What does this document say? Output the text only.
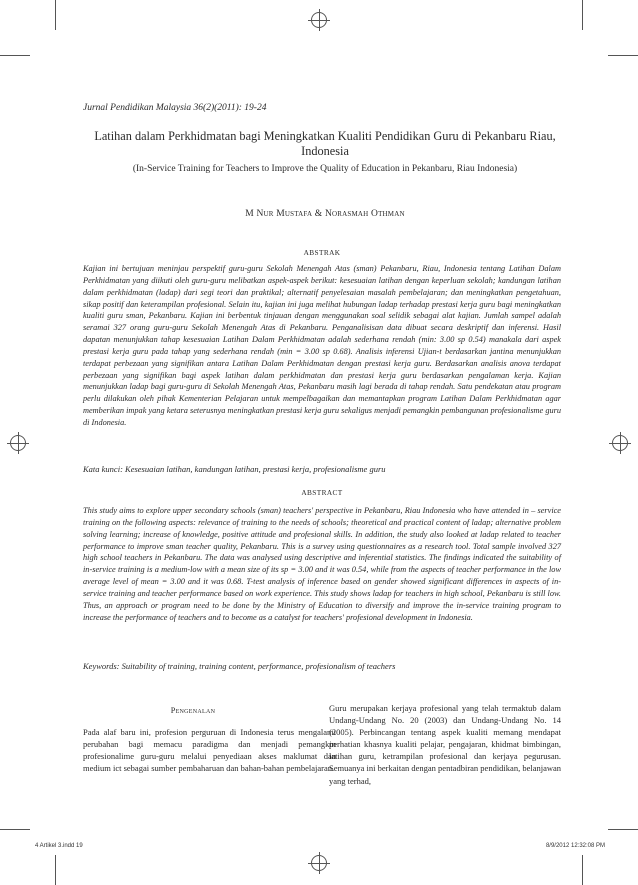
Jurnal Pendidikan Malaysia 36(2)(2011): 19-24
Latihan dalam Perkhidmatan bagi Meningkatkan Kualiti Pendidikan Guru di Pekanbaru Riau, Indonesia
(In-Service Training for Teachers to Improve the Quality of Education in Pekanbaru, Riau Indonesia)
M Nur Mustafa & Norasmah Othman
ABSTRAK

Kajian ini bertujuan meninjau perspektif guru-guru Sekolah Menengah Atas (sman) Pekanbaru, Riau, Indonesia tentang Latihan Dalam Perkhidmatan yang diikuti oleh guru-guru melibatkan aspek-aspek berikut: kesesuaian latihan dengan keperluan sekolah; kandungan latihan dalam perkhidmatan (ladap) dari segi teori dan praktikal; alternatif penyelesaian masalah pembelajaran; dan meningkatkan pengetahuan, sikap positif dan keterampilan profesional. Selain itu, kajian ini juga melihat hubungan ladap terhadap prestasi kerja guru bagi meningkatkan kualiti guru sman, Pekanbaru. Kajian ini berbentuk tinjauan dengan menggunakan soal selidik sebagai alat kajian. Jumlah sampel adalah seramai 327 orang guru-guru Sekolah Menengah Atas di Pekanbaru. Penganalisisan data dibuat secara deskriptif dan inferensi. Hasil dapatan menunjukkan tahap kesesuaian Latihan Dalam Perkhidmatan adalah sederhana rendah (min: 3.00 sp 0.54) manakala dari aspek prestasi kerja guru pada tahap yang sederhana rendah (min = 3.00 sp 0.68). Analisis inferensi Ujian-t berdasarkan jantina menunjukkan terdapat perbezaan yang signifikan antara Latihan Dalam Perkhidmatan dengan prestasi kerja guru. Berdasarkan analisis anova terdapat perbezaan yang signifikan bagi aspek latihan dalam perkhidmatan dan prestasi kerja guru berdasarkan pengalaman kerja. Kajian menunjukkan ladap bagi guru-guru di Sekolah Menengah Atas, Pekanbaru masih lagi berada di tahap rendah. Satu pendekatan atau program perlu dilakukan oleh pihak Kementerian Pelajaran untuk mempelbagaikan dan memantapkan program Latihan Dalam Perkhidmatan agar memberikan impak yang ketara seterusnya meningkatkan prestasi kerja guru sekaligus menjadi pemangkin pembangunan profesionalisme guru di Indonesia.

Kata kunci: Kesesuaian latihan, kandungan latihan, prestasi kerja, profesionalisme guru

ABSTRACT

This study aims to explore upper secondary schools (sman) teachers' perspective in Pekanbaru, Riau Indonesia who have attended in – service training on the following aspects: relevance of training to the needs of schools; theoretical and practical content of ladap; alternative problem solving learning; increase of knowledge, positive attitude and profesional skills. In addition, the study also looked at ladap related to teacher performance to improve sman teacher quality, Pekanbaru. This is a survey using questionnaires as a research tool. Total sample involved 327 high school teachers in Pekanbaru. The data was analysed using descriptive and inferential statistics. The findings indicated the suitability of in-service training is a medium-low with a mean size of its sp = 3.00 and it was 0.54, while from the aspects of teacher performance in the low average level of mean = 3.00 and it was 0.68. T-test analysis of inference based on gender showed significant differences in aspects of in-service training and teacher performance based on work experience. This study shows ladap for teachers in high school, Pekanbaru is still low. Thus, an approach or program need to be done by the Ministry of Education to diversify and improve the in-service training program to increase the performance of teachers and to become as a catalyst for teachers' profesional development in Indonesia.

Keywords: Suitability of training, training content, performance, profesionalism of teachers

Pengenalan

Pada alaf baru ini, profesion perguruan di Indonesia terus mengalami perubahan bagi memacu paradigma dan menjadi pemangkin profesionalime guru-guru melalui penyediaan akses maklumat dan medium ict sebagai sumber pembaharuan dan bahan-bahan pembelajaran.

Guru merupakan kerjaya profesional yang telah termaktub dalam Undang-Undang No. 20 (2003) dan Undang-Undang No. 14 (2005). Perbincangan tentang aspek kualiti memang mendapat perhatian khasnya kualiti pelajar, pengajaran, khidmat bimbingan, latihan guru, ketrampilan profesional dan kerjaya pegurusan. Semuanya ini berkaitan dengan pentadbiran pendidikan, belanjawan yang terhad,

4 Artikel 3.indd 19	8/9/2012 12:32:08 PM
